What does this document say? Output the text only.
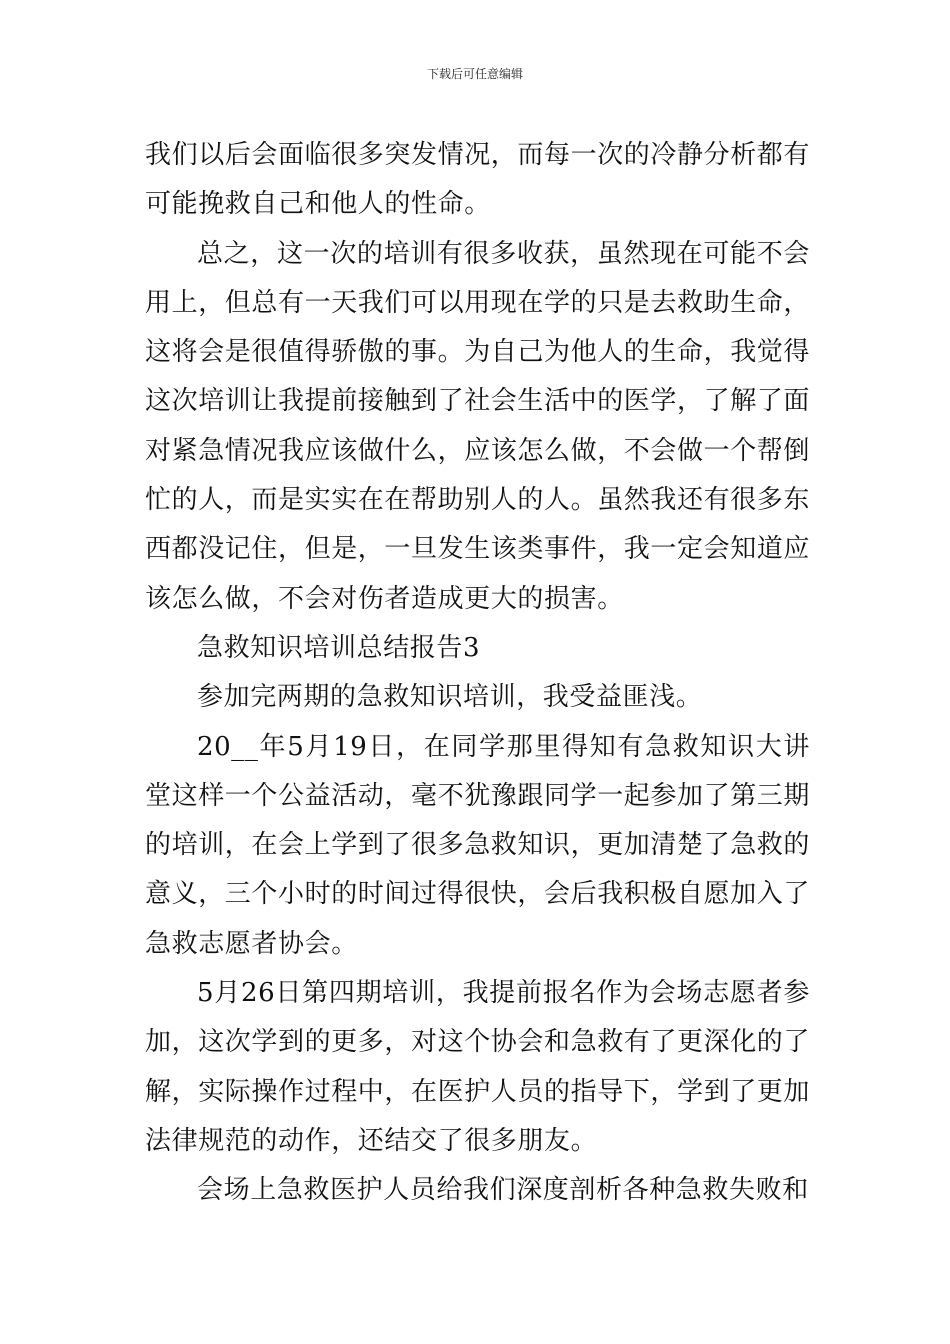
下载后可任意编辑

我们以后会面临很多突发情况，而每一次的冷静分析都有可能挽救自己和他人的性命。

总之，这一次的培训有很多收获，虽然现在可能不会用上，但总有一天我们可以用现在学的只是去救助生命，这将会是很值得骄傲的事。为自己为他人的生命，我觉得这次培训让我提前接触到了社会生活中的医学，了解了面对紧急情况我应该做什么，应该怎么做，不会做一个帮倒忙的人，而是实实在在帮助别人的人。虽然我还有很多东西都没记住，但是，一旦发生该类事件，我一定会知道应该怎么做，不会对伤者造成更大的损害。

急救知识培训总结报告3

参加完两期的急救知识培训，我受益匪浅。

20__年5月19日，在同学那里得知有急救知识大讲堂这样一个公益活动，毫不犹豫跟同学一起参加了第三期的培训，在会上学到了很多急救知识，更加清楚了急救的意义，三个小时的时间过得很快，会后我积极自愿加入了急救志愿者协会。

5月26日第四期培训，我提前报名作为会场志愿者参加，这次学到的更多，对这个协会和急救有了更深化的了解，实际操作过程中，在医护人员的指导下，学到了更加法律规范的动作，还结交了很多朋友。

会场上急救医护人员给我们深度剖析各种急救失败和
